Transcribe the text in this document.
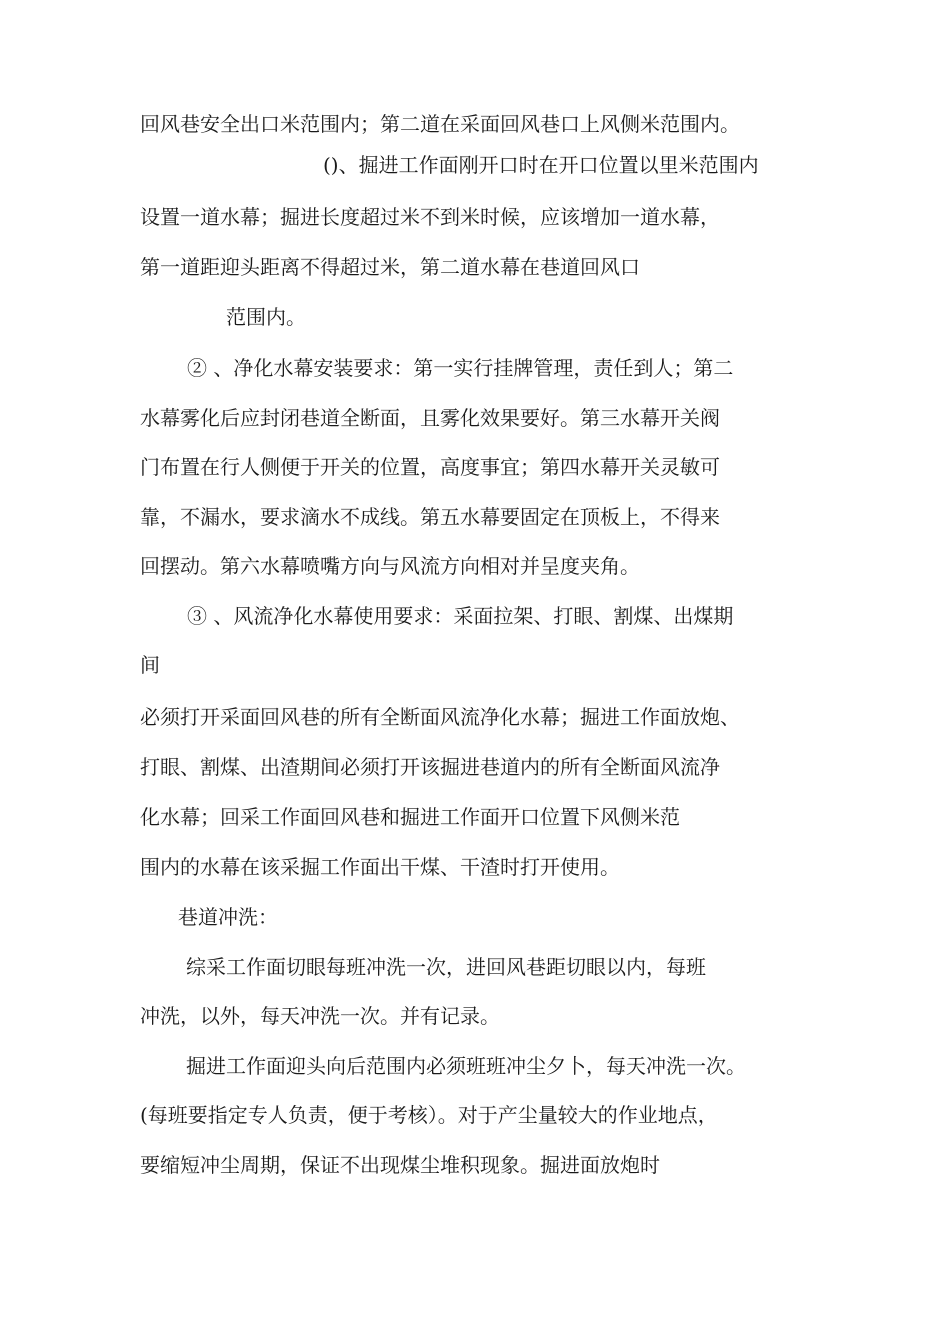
回风巷安全出口米范围内；第二道在采面回风巷口上风侧米范围内。
()、掘进工作面刚开口时在开口位置以里米范围内
设置一道水幕；掘进长度超过米不到米时候，应该增加一道水幕，
第一道距迎头距离不得超过米，第二道水幕在巷道回风口
范围内。
② 、净化水幕安装要求：第一实行挂牌管理，责任到人；第二
水幕雾化后应封闭巷道全断面，且雾化效果要好。第三水幕开关阀
门布置在行人侧便于开关的位置，高度事宜；第四水幕开关灵敏可
靠，不漏水，要求滴水不成线。第五水幕要固定在顶板上，不得来
回摆动。第六水幕喷嘴方向与风流方向相对并呈度夹角。
③ 、风流净化水幕使用要求：采面拉架、打眼、割煤、出煤期
间
必须打开采面回风巷的所有全断面风流净化水幕；掘进工作面放炮、
打眼、割煤、出渣期间必须打开该掘进巷道内的所有全断面风流净
化水幕；回采工作面回风巷和掘进工作面开口位置下风侧米范
围内的水幕在该采掘工作面出干煤、干渣时打开使用。
巷道冲洗：
综采工作面切眼每班冲洗一次，进回风巷距切眼以内，每班
冲洗，以外，每天冲洗一次。并有记录。
掘进工作面迎头向后范围内必须班班冲尘夕卜，每天冲洗一次。
(每班要指定专人负责，便于考核）。对于产尘量较大的作业地点，
要缩短冲尘周期，保证不出现煤尘堆积现象。掘进面放炮时
